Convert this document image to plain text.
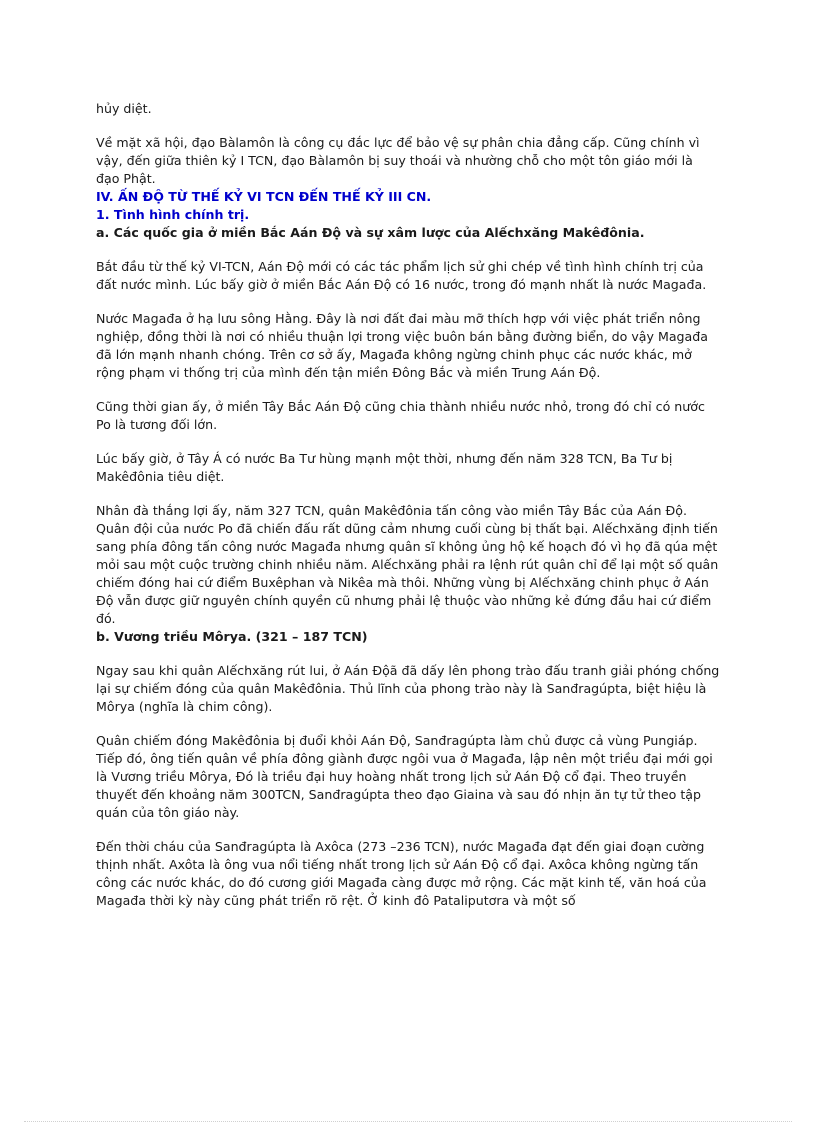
hủy diệt.

Về mặt xã hội, đạo Bàlamôn là công cụ đắc lực để bảo vệ sự phân chia đẳng cấp. Cũng chính vì vậy, đến giữa thiên kỷ I TCN, đạo Bàlamôn bị suy thoái và nhường chỗ cho một tôn giáo mới là đạo Phật.

IV. ẤN ĐỘ TỪ THẾ KỶ VI TCN ĐẾN THẾ KỶ III CN.
1. Tình hình chính trị.
a. Các quốc gia ở miền Bắc Aán Độ và sự xâm lược của Alếchxăng Makêđônia.

Bắt đầu từ thế kỷ VI-TCN, Aán Độ mới có các tác phẩm lịch sử ghi chép về tình hình chính trị của đất nước mình. Lúc bấy giờ ở miền Bắc Aán Độ có 16 nước, trong đó mạnh nhất là nước Magađa.

Nước Magađa ở hạ lưu sông Hằng. Đây là nơi đất đai màu mỡ thích hợp với việc phát triển nông nghiệp, đồng thời là nơi có nhiều thuận lợi trong việc buôn bán bằng đường biển, do vậy Magađa đã lớn mạnh nhanh chóng. Trên cơ sở ấy, Magađa không ngừng chinh phục các nước khác, mở rộng phạm vi thống trị của mình đến tận miền Đông Bắc và miền Trung Aán Độ.

Cũng thời gian ấy, ở miền Tây Bắc Aán Độ cũng chia thành nhiều nước nhỏ, trong đó chỉ có nước Po là tương đối lớn.

Lúc bấy giờ, ở Tây Á có nước Ba Tư hùng mạnh một thời, nhưng đến năm 328 TCN, Ba Tư bị Makêđônia tiêu diệt.

Nhân đà thắng lợi ấy, năm 327 TCN, quân Makêđônia tấn công vào miền Tây Bắc của Aán Độ. Quân đội của nước Po đã chiến đấu rất dũng cảm nhưng cuối cùng bị thất bại. Alếchxăng định tiến sang phía đông tấn công nước Magađa nhưng quân sĩ không ủng hộ kế hoạch đó vì họ đã qúa mệt mỏi sau một cuộc trường chinh nhiều năm. Alếchxăng phải ra lệnh rút quân chỉ để lại một số quân chiếm đóng hai cứ điểm Buxêphan và Nikêa mà thôi. Những vùng bị Alếchxăng chinh phục ở Aán Độ vẫn được giữ nguyên chính quyền cũ nhưng phải lệ thuộc vào những kẻ đứng đầu hai cứ điểm đó.

b. Vương triều Môrya. (321 – 187 TCN)

Ngay sau khi quân Alếchxăng rút lui, ở Aán Độã đã dấy lên phong trào đấu tranh giải phóng chống lại sự chiếm đóng của quân Makêđônia. Thủ lĩnh của phong trào này là Sanđragúpta, biệt hiệu là Môrya (nghĩa là chim công).

Quân chiếm đóng Makêđônia bị đuổi khỏi Aán Độ, Sanđragúpta làm chủ được cả vùng Pungiáp. Tiếp đó, ông tiến quân về phía đông giành được ngôi vua ở Magađa, lập nên một triều đại mới gọi là Vương triều Môrya, Đó là triều đại huy hoàng nhất trong lịch sử Aán Độ cổ đại. Theo truyền thuyết đến khoảng năm 300TCN, Sanđragúpta theo đạo Giaina và sau đó nhịn ăn tự tử theo tập quán của tôn giáo này.

Đến thời cháu của Sanđragúpta là Axôca (273 –236 TCN), nước Magađa đạt đến giai đoạn cường thịnh nhất. Axôta là ông vua nổi tiếng nhất trong lịch sử Aán Độ cổ đại. Axôca không ngừng tấn công các nước khác, do đó cương giới Magađa càng được mở rộng. Các mặt kinh tế, văn hoá của Magađa thời kỳ này cũng phát triển rõ rệt. Ở kinh đô Pataliputơra và một số
